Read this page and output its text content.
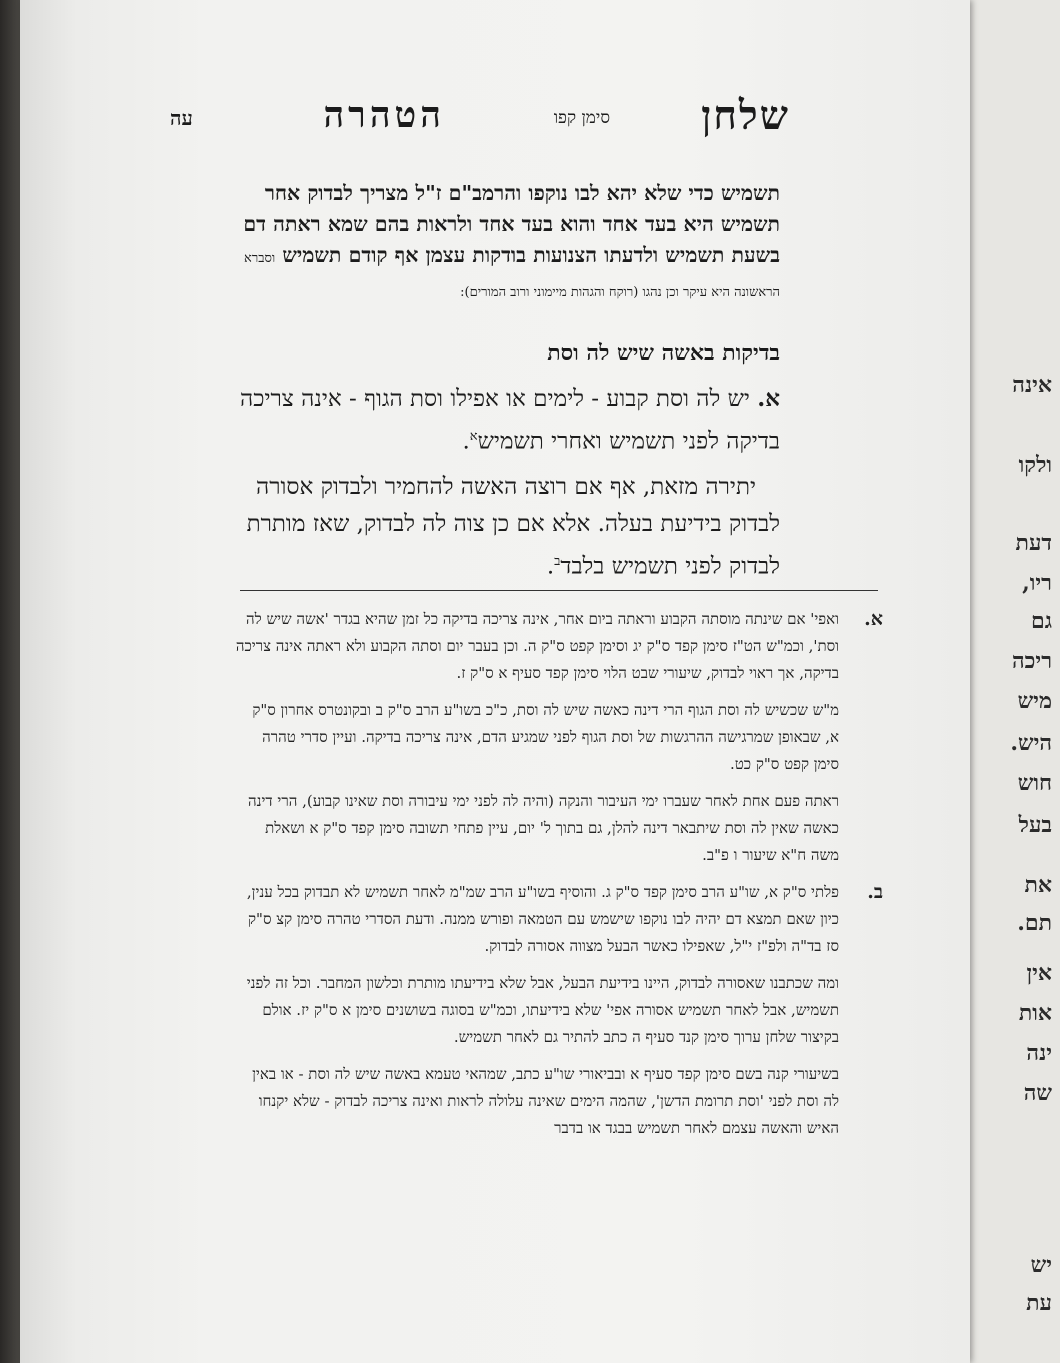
אינה
ולקו
דעת
ריו,
גם
ריכה
מיש
היש.
חוש
בעל
את
תם.
אין
אות
ינה
שה
יש
עת
שלחן
סימן קפו
הטהרה
עה
תשמיש כדי שלא יהא לבו נוקפו והרמב"ם ז"ל מצריך לבדוק אחר תשמיש היא בעד אחד והוא בעד אחד ולראות בהם שמא ראתה דם בשעת תשמיש ולדעתו הצנועות בודקות עצמן אף קודם תשמיש וסברא הראשונה היא עיקר וכן נהגו (רוקח והגהות מיימוני ורוב המורים):
בדיקות באשה שיש לה וסת

א. יש לה וסת קבוע - לימים או אפילו וסת הגוף - אינה צריכה בדיקה לפני תשמיש ואחרי תשמיש$^א$.

יתירה מזאת, אף אם רוצה האשה להחמיר ולבדוק אסורה לבדוק בידיעת בעלה. אלא אם כן צוה לה לבדוק, שאז מותרת לבדוק לפני תשמיש בלבד$^ב$.

א.

ואפי' אם שינתה מוסתה הקבוע וראתה ביום אחר, אינה צריכה בדיקה כל זמן שהיא בגדר 'אשה שיש לה וסת', וכמ"ש הט"ז סימן קפד ס"ק יג וסימן קפט ס"ק ה. וכן בעבר יום וסתה הקבוע ולא ראתה אינה צריכה בדיקה, אך ראוי לבדוק, שיעורי שבט הלוי סימן קפד סעיף א ס"ק ז.

מ"ש שכשיש לה וסת הגוף הרי דינה כאשה שיש לה וסת, כ"כ בשו"ע הרב ס"ק ב ובקונטרס אחרון ס"ק א, שבאופן שמרגישה ההרגשות של וסת הגוף לפני שמגיע הדם, אינה צריכה בדיקה. ועיין סדרי טהרה סימן קפט ס"ק כט.

ראתה פעם אחת לאחר שעברו ימי העיבור והנקה (והיה לה לפני ימי עיבורה וסת שאינו קבוע), הרי דינה כאשה שאין לה וסת שיתבאר דינה להלן, גם בתוך ל' יום, עיין פתחי תשובה סימן קפד ס"ק א ושאלת משה ח"א שיעור ו פ"ב.

ב.

פלתי ס"ק א, שו"ע הרב סימן קפד ס"ק ג. והוסיף בשו"ע הרב שמ"מ לאחר תשמיש לא תבדוק בכל ענין, כיון שאם תמצא דם יהיה לבו נוקפו שישמש עם הטמאה ופורש ממנה. ודעת הסדרי טהרה סימן קצ ס"ק סז בד"ה ולפ"ז י"ל, שאפילו כאשר הבעל מצווה אסורה לבדוק.

ומה שכתבנו שאסורה לבדוק, היינו בידיעת הבעל, אבל שלא בידיעתו מותרת וכלשון המחבר. וכל זה לפני תשמיש, אבל לאחר תשמיש אסורה אפי' שלא בידיעתו, וכמ"ש בסוגה בשושנים סימן א ס"ק יז. אולם בקיצור שלחן ערוך סימן קנד סעיף ה כתב להתיר גם לאחר תשמיש.

בשיעורי קנה בשם סימן קפד סעיף א ובביאורי שו"ע כתב, שמהאי טעמא באשה שיש לה וסת - או באין לה וסת לפני 'וסת תרומת הדשן', שהמה הימים שאינה עלולה לראות ואינה צריכה לבדוק - שלא יקנחו האיש והאשה עצמם לאחר תשמיש בבגד או בדבר
